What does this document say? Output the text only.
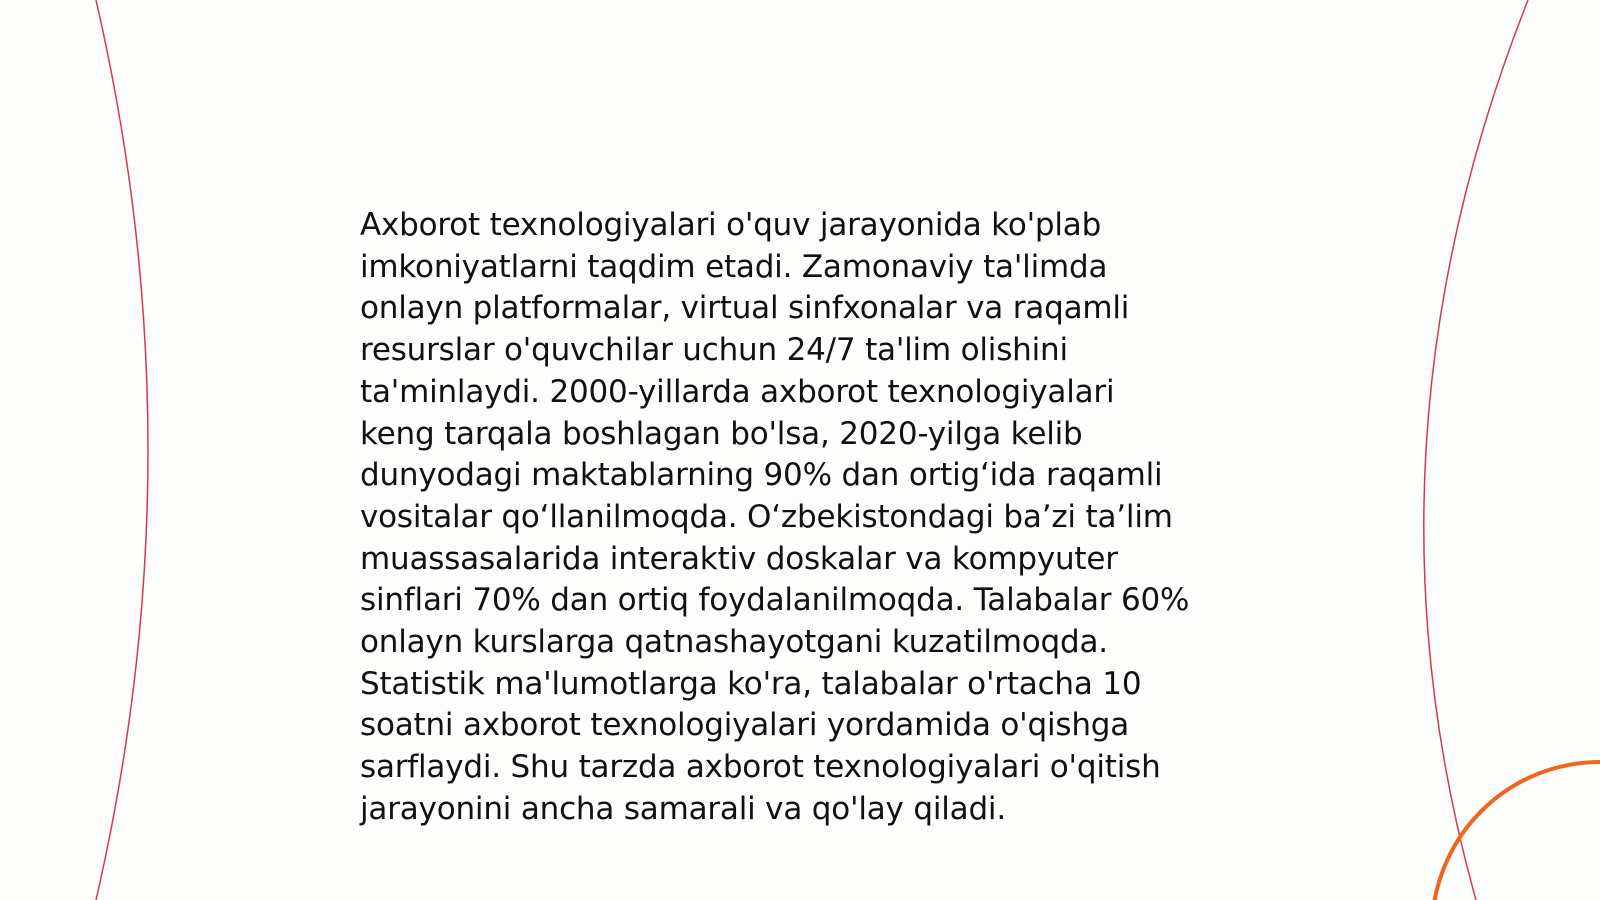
Axborot texnologiyalari o'quv jarayonida ko'plab
imkoniyatlarni taqdim etadi. Zamonaviy ta'limda
onlayn platformalar, virtual sinfxonalar va raqamli
resurslar o'quvchilar uchun 24/7 ta'lim olishini
ta'minlaydi. 2000-yillarda axborot texnologiyalari
keng tarqala boshlagan bo'lsa, 2020-yilga kelib
dunyodagi maktablarning 90% dan ortig‘ida raqamli
vositalar qo‘llanilmoqda. O‘zbekistondagi ba’zi ta’lim
muassasalarida interaktiv doskalar va kompyuter
sinflari 70% dan ortiq foydalanilmoqda. Talabalar 60%
onlayn kurslarga qatnashayotgani kuzatilmoqda.
Statistik ma'lumotlarga ko'ra, talabalar o'rtacha 10
soatni axborot texnologiyalari yordamida o'qishga
sarflaydi. Shu tarzda axborot texnologiyalari o'qitish
jarayonini ancha samarali va qo'lay qiladi.
